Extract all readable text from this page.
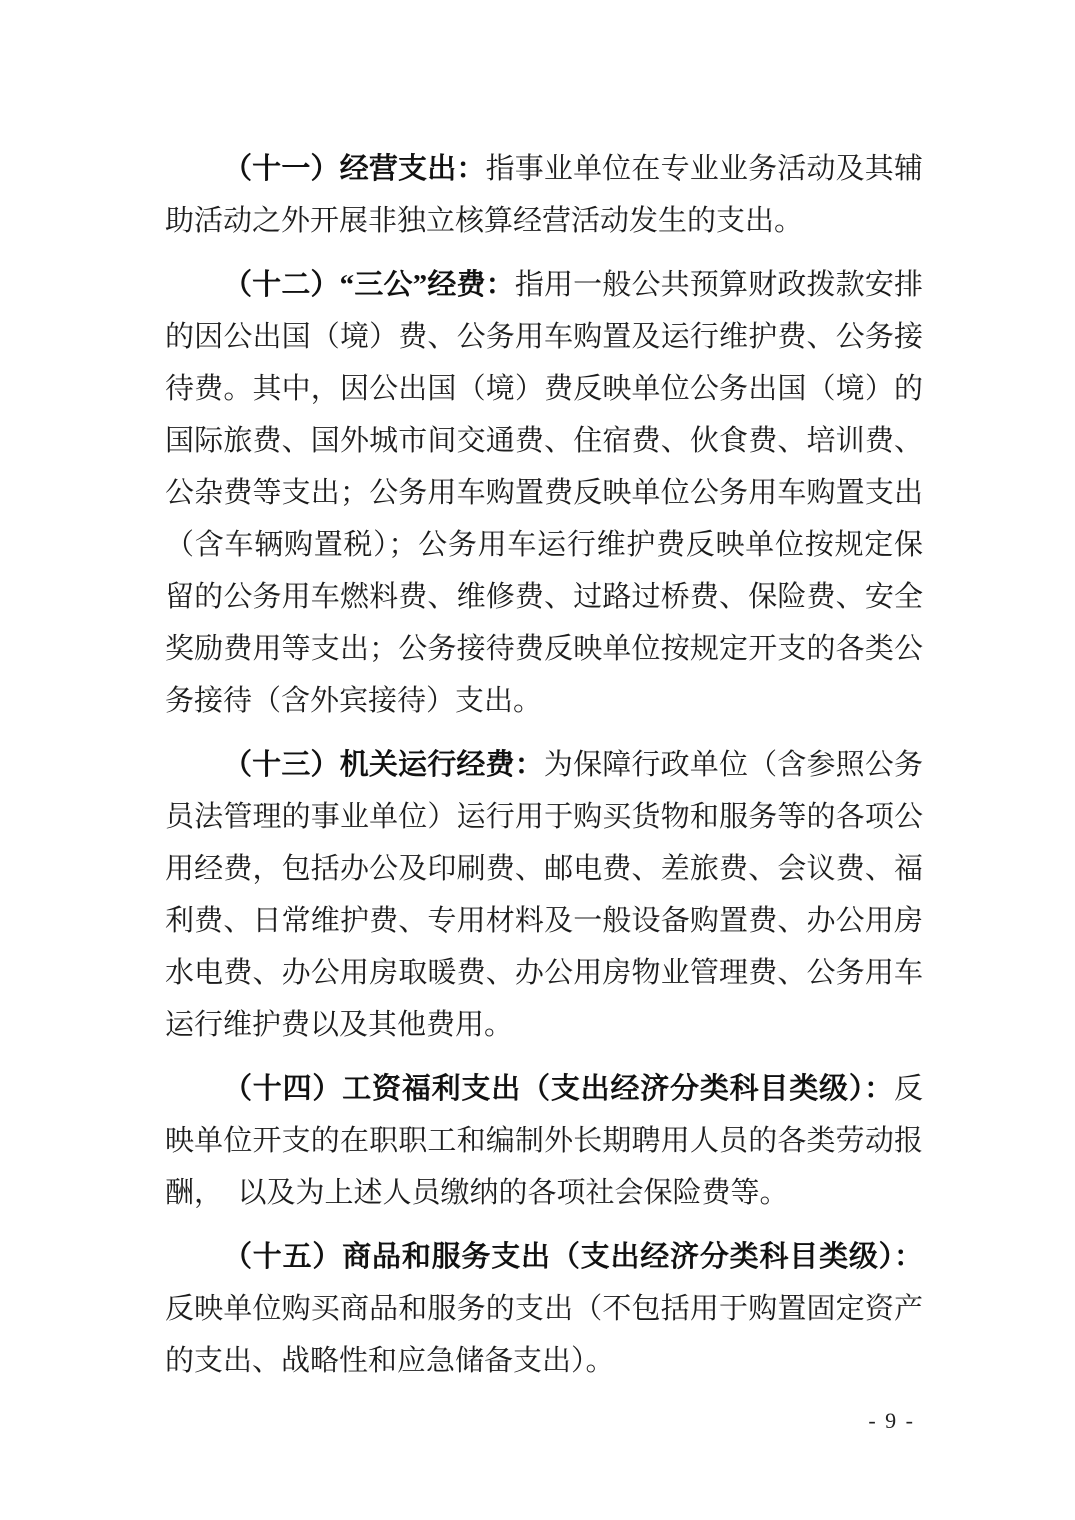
（十一）经营支出：指事业单位在专业业务活动及其辅助活动之外开展非独立核算经营活动发生的支出。

（十二）“三公”经费：指用一般公共预算财政拨款安排的因公出国（境）费、公务用车购置及运行维护费、公务接待费。其中，因公出国（境）费反映单位公务出国（境）的国际旅费、国外城市间交通费、住宿费、伙食费、培训费、公杂费等支出；公务用车购置费反映单位公务用车购置支出（含车辆购置税）；公务用车运行维护费反映单位按规定保留的公务用车燃料费、维修费、过路过桥费、保险费、安全奖励费用等支出；公务接待费反映单位按规定开支的各类公务接待（含外宾接待）支出。

（十三）机关运行经费：为保障行政单位（含参照公务员法管理的事业单位）运行用于购买货物和服务等的各项公用经费，包括办公及印刷费、邮电费、差旅费、会议费、福利费、日常维护费、专用材料及一般设备购置费、办公用房水电费、办公用房取暖费、办公用房物业管理费、公务用车运行维护费以及其他费用。

（十四）工资福利支出（支出经济分类科目类级）：反映单位开支的在职职工和编制外长期聘用人员的各类劳动报酬，　以及为上述人员缴纳的各项社会保险费等。

（十五）商品和服务支出（支出经济分类科目类级）：反映单位购买商品和服务的支出（不包括用于购置固定资产的支出、战略性和应急储备支出）。

- 9 -
